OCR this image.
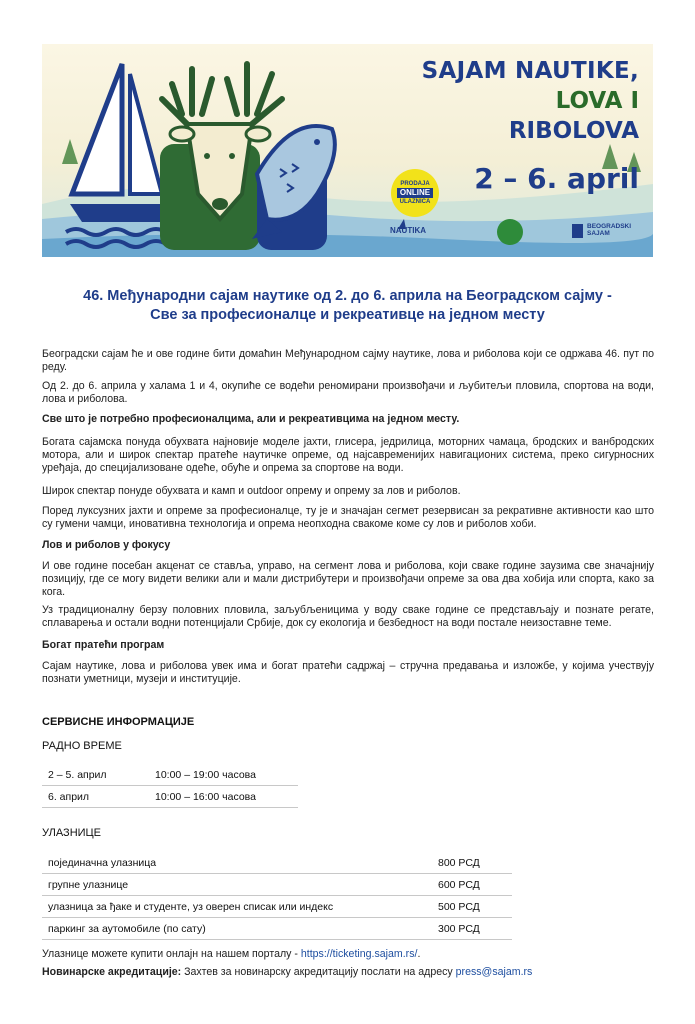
SAJAM NAUTIKE,
LOVA I
RIBOLOVA
2 – 6. april
PRODAJA
ONLINE
ULAZNICA
NAUTIKA	BEOGRADSKI
SAJAM
46. Међународни сајам наутике од 2. до 6. априла на Београдском сајму -
Све за професионалце и рекреативце на једном месту

Београдски сајам ће и ове године бити домаћин Међународном сајму наутике, лова и риболова који се одржава 46. пут по реду.

Од 2. до 6. априла у халама 1 и 4, окупиће се водећи реномирани произвођачи и љубитељи пловила, спортова на води, лова и риболова.

Све што је потребно професионалцима, али и рекреативцима на једном месту.

Богата сајамска понуда обухвата најновије моделе јахти, глисера, једрилица, моторних чамаца, бродских и ванбродских мотора, али и широк спектар пратеће наутичке опреме, од најсавременијих навигационих система, преко сигурносних уређаја, до специјализоване одеће, обуће и опрема за спортове на води.

Широк спектар понуде обухвата и камп и outdoor опрему и опрему за лов и риболов.

Поред луксузних јахти и опреме за професионалце, ту је и значајан сегмет резервисан за рекративне активности као што су гумени чамци, иновативна технологија и опрема неопходна свакоме коме су лов и риболов хоби.

Лов и риболов у фокусу

И ове године посебан акценат се ставља, управо, на сегмент лова и риболова, који сваке године заузима све значајнију позицију, где се могу видети велики али и мали дистрибутери и произвођачи опреме за ова два хобија или спорта, како за кога.

Уз традиционалну берзу половних пловила, заљубљеницима у воду сваке године се представљају и познате регате, сплаварења и остали водни потенцијали Србије, док су екологија и безбедност на води постале неизоставне теме.

Богат пратећи програм

Сајам наутике, лова и риболова увек има и богат пратећи садржај – стручна предавања и изложбе, у којима учествују познати уметници, музеји и институције.

СЕРВИСНЕ ИНФОРМАЦИЈЕ
РАДНО ВРЕМЕ
2 – 5. април	10:00 – 19:00 часова
6. април	10:00 – 16:00 часова
УЛАЗНИЦЕ
појединачна улазница	800 РСД
групне улазнице	600 РСД
улазница за ђаке и студенте, уз оверен списак или индекс	500 РСД
паркинг за аутомобиле (по сату)	300 РСД
Улазнице можете купити онлајн на нашем порталу - https://ticketing.sajam.rs/.
Новинарске акредитације: Захтев за новинарску акредитацију послати на адресу press@sajam.rs
